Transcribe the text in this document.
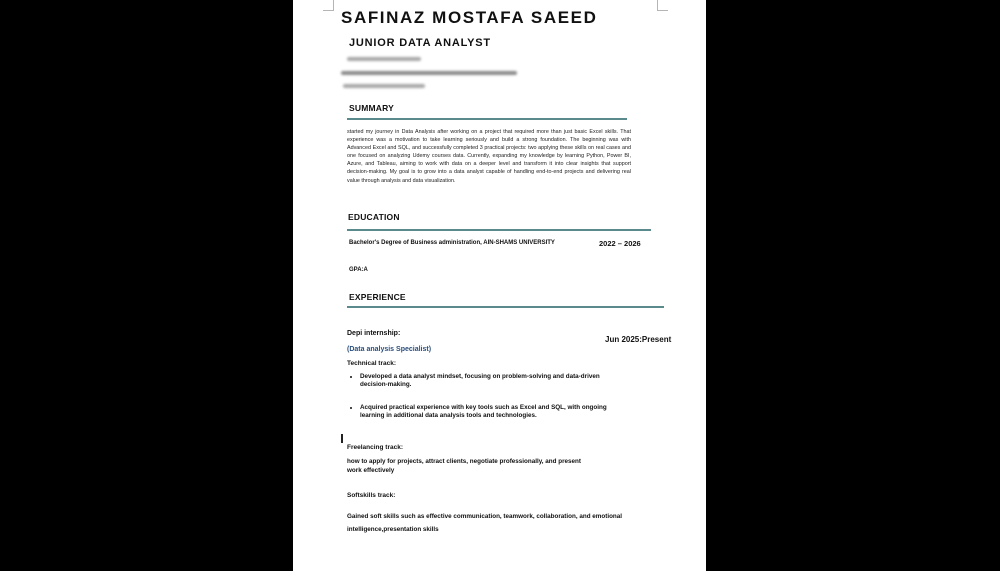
SAFINAZ MOSTAFA SAEED
JUNIOR DATA ANALYST
SUMMARY
started my journey in Data Analysis after working on a project that required more than just basic Excel skills. That experience was a motivation to take learning seriously and build a strong foundation. The beginning was with Advanced Excel and SQL, and successfully completed 3 practical projects: two applying these skills on real cases and one focused on analyzing Udemy courses data. Currently, expanding my knowledge by learning Python, Power BI, Azure, and Tableau, aiming to work with data on a deeper level and transform it into clear insights that support decision-making. My goal is to grow into a data analyst capable of handling end-to-end projects and delivering real value through analysis and data visualization.
EDUCATION
Bachelor's Degree of Business administration, AIN-SHAMS UNIVERSITY	2022 – 2026
GPA:A
EXPERIENCE
Depi internship:
Jun 2025:Present
(Data analysis Specialist)
Technical track:
• Developed a data analyst mindset, focusing on problem-solving and data-driven decision-making.
• Acquired practical experience with key tools such as Excel and SQL, with ongoing learning in additional data analysis tools and technologies.
Freelancing track:
how to apply for projects, attract clients, negotiate professionally, and present work effectively
Softskills track:
Gained soft skills such as effective communication, teamwork, collaboration, and emotional intelligence,presentation skills
